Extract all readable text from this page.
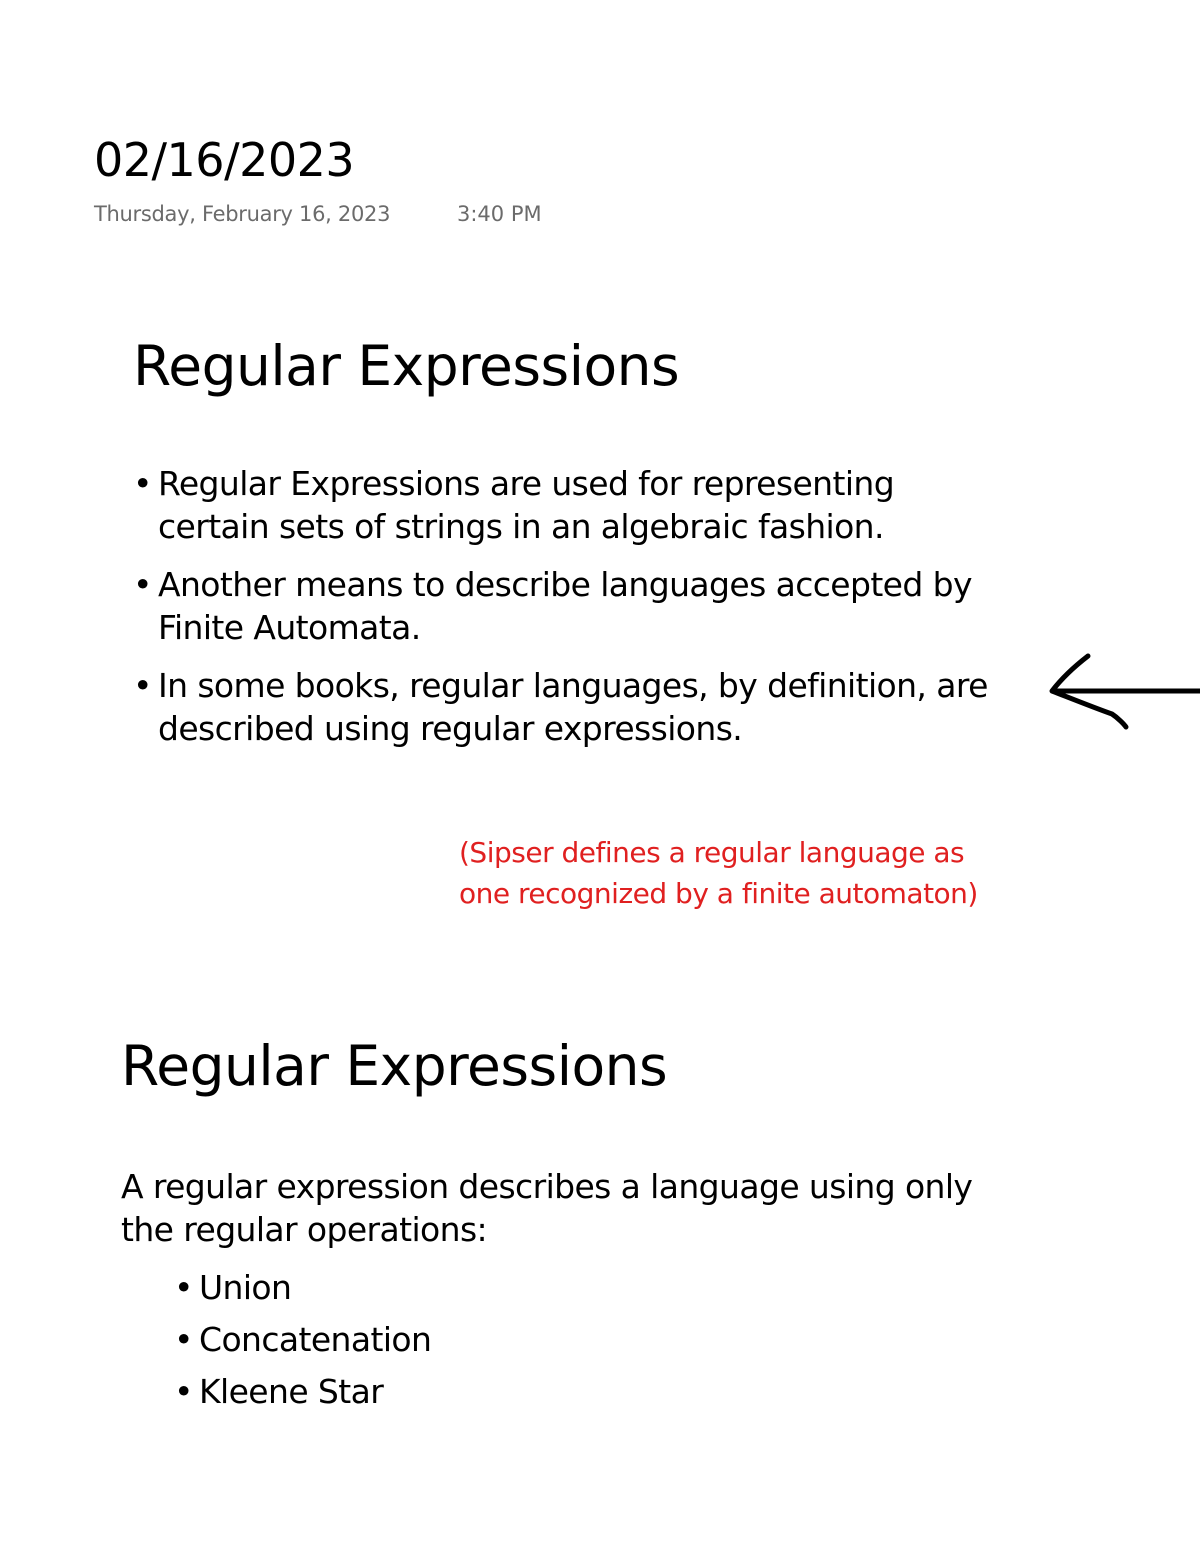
02/16/2023
Thursday, February 16, 2023	3:40 PM
Regular Expressions
• Regular Expressions are used for representing certain sets of strings in an algebraic fashion.
• Another means to describe languages accepted by Finite Automata.
• In some books, regular languages, by definition, are described using regular expressions.
(Sipser defines a regular language as one recognized by a finite automaton)
Regular Expressions

A regular expression describes a language using only the regular operations:

• Union
• Concatenation
• Kleene Star
